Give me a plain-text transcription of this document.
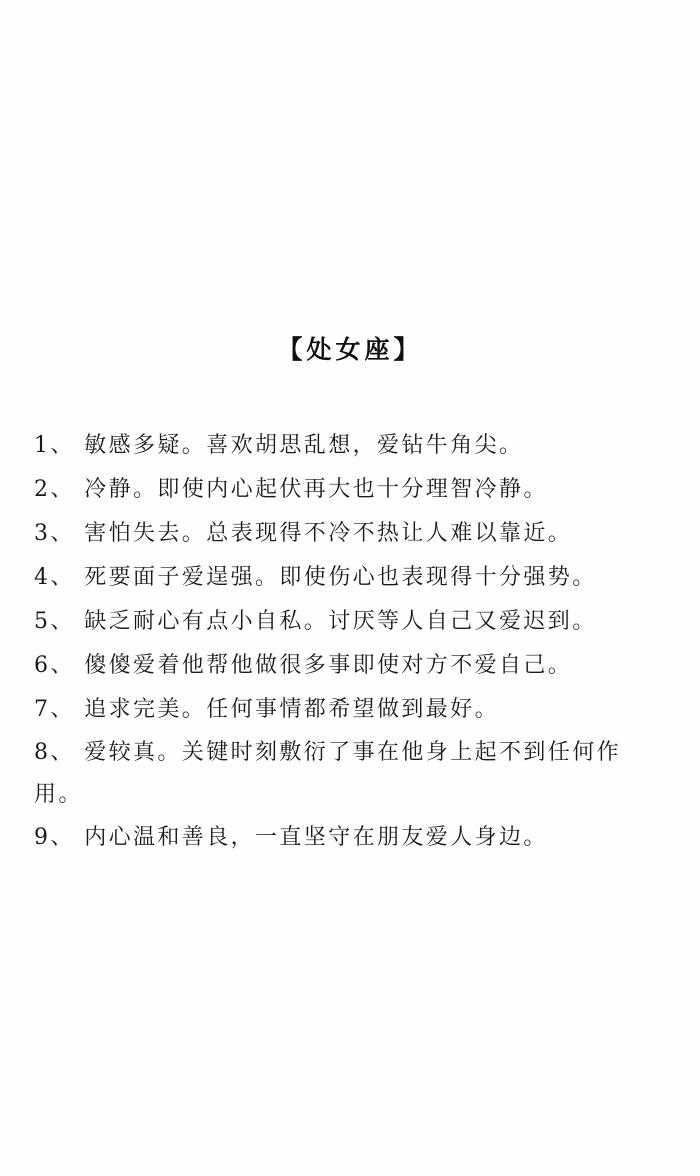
【处女座】
1、 敏感多疑。喜欢胡思乱想，爱钻牛角尖。
2、 冷静。即使内心起伏再大也十分理智冷静。
3、 害怕失去。总表现得不冷不热让人难以靠近。
4、 死要面子爱逞强。即使伤心也表现得十分强势。
5、 缺乏耐心有点小自私。讨厌等人自己又爱迟到。
6、 傻傻爱着他帮他做很多事即使对方不爱自己。
7、 追求完美。任何事情都希望做到最好。
8、 爱较真。关键时刻敷衍了事在他身上起不到任何作用。
9、 内心温和善良，一直坚守在朋友爱人身边。
